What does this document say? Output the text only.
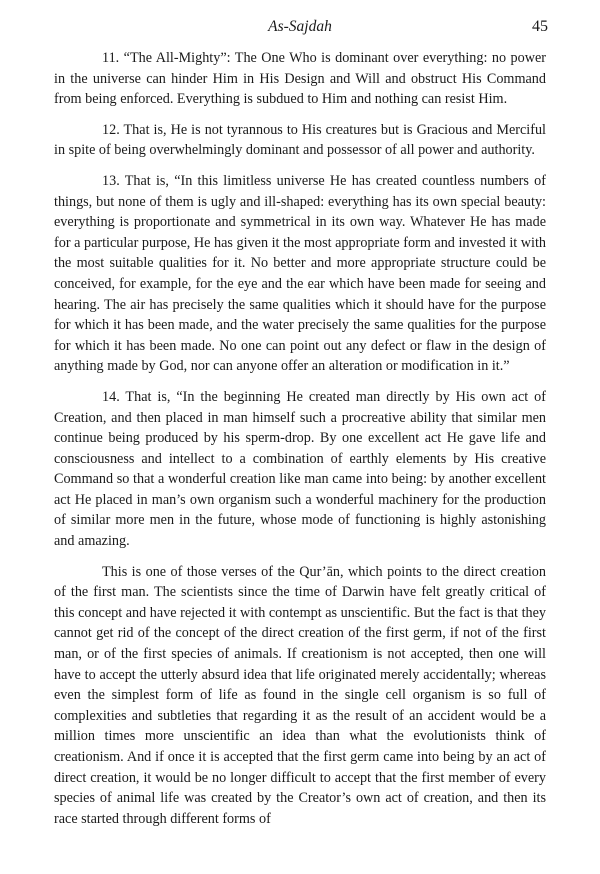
As-Sajdah	45

11. “The All-Mighty”: The One Who is dominant over everything: no power in the universe can hinder Him in His Design and Will and obstruct His Command from being enforced. Everything is subdued to Him and nothing can resist Him.

12. That is, He is not tyrannous to His creatures but is Gracious and Merciful in spite of being overwhelmingly dominant and possessor of all power and authority.

13. That is, “In this limitless universe He has created countless numbers of things, but none of them is ugly and ill-shaped: everything has its own special beauty: everything is proportionate and symmetrical in its own way. Whatever He has made for a particular purpose, He has given it the most appropriate form and invested it with the most suitable qualities for it. No better and more appropriate structure could be conceived, for example, for the eye and the ear which have been made for seeing and hearing. The air has precisely the same qualities which it should have for the purpose for which it has been made, and the water precisely the same qualities for the purpose for which it has been made. No one can point out any defect or flaw in the design of anything made by God, nor can anyone offer an alteration or modification in it.”

14. That is, “In the beginning He created man directly by His own act of Creation, and then placed in man himself such a procreative ability that similar men continue being produced by his sperm-drop. By one excellent act He gave life and consciousness and intellect to a combination of earthly elements by His creative Command so that a wonderful creation like man came into being: by another excellent act He placed in man’s own organism such a wonderful machinery for the production of similar more men in the future, whose mode of functioning is highly astonishing and amazing.

This is one of those verses of the Qur’ān, which points to the direct creation of the first man. The scientists since the time of Darwin have felt greatly critical of this concept and have rejected it with contempt as unscientific. But the fact is that they cannot get rid of the concept of the direct creation of the first germ, if not of the first man, or of the first species of animals. If creationism is not accepted, then one will have to accept the utterly absurd idea that life originated merely accidentally; whereas even the simplest form of life as found in the single cell organism is so full of complexities and subtleties that regarding it as the result of an accident would be a million times more unscientific an idea than what the evolutionists think of creationism. And if once it is accepted that the first germ came into being by an act of direct creation, it would be no longer difficult to accept that the first member of every species of animal life was created by the Creator’s own act of creation, and then its race started through different forms of
